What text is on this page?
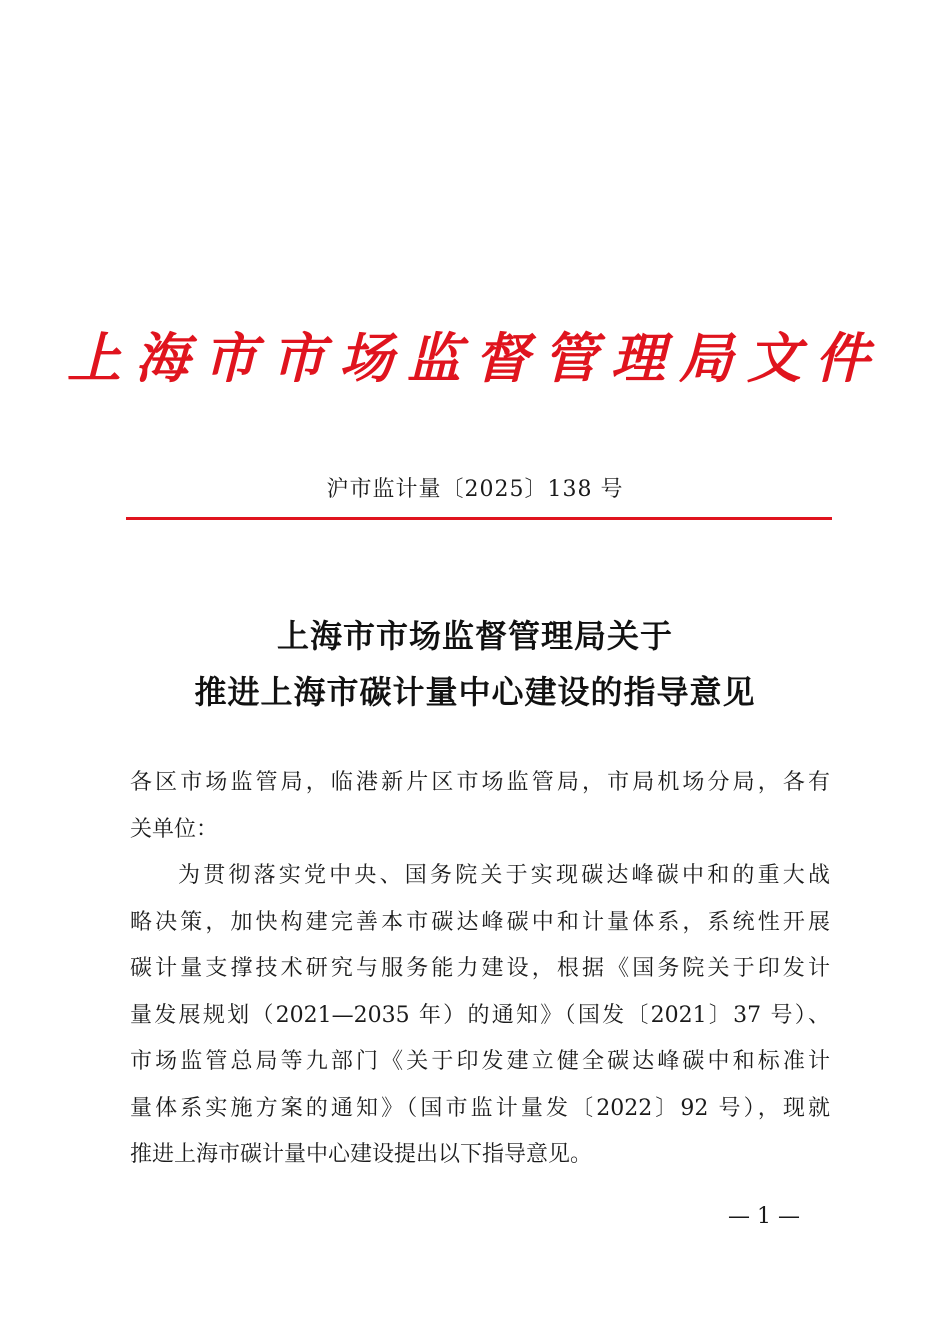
上海市市场监督管理局文件
沪市监计量〔2025〕138 号
上海市市场监督管理局关于
推进上海市碳计量中心建设的指导意见
各区市场监管局，临港新片区市场监管局，市局机场分局，各有
关单位：
为贯彻落实党中央、国务院关于实现碳达峰碳中和的重大战
略决策，加快构建完善本市碳达峰碳中和计量体系，系统性开展
碳计量支撑技术研究与服务能力建设，根据《国务院关于印发计
量发展规划（2021—2035 年）的通知》（国发〔2021〕37 号）、
市场监管总局等九部门《关于印发建立健全碳达峰碳中和标准计
量体系实施方案的通知》（国市监计量发〔2022〕92 号），现就
推进上海市碳计量中心建设提出以下指导意见。
— 1 —
